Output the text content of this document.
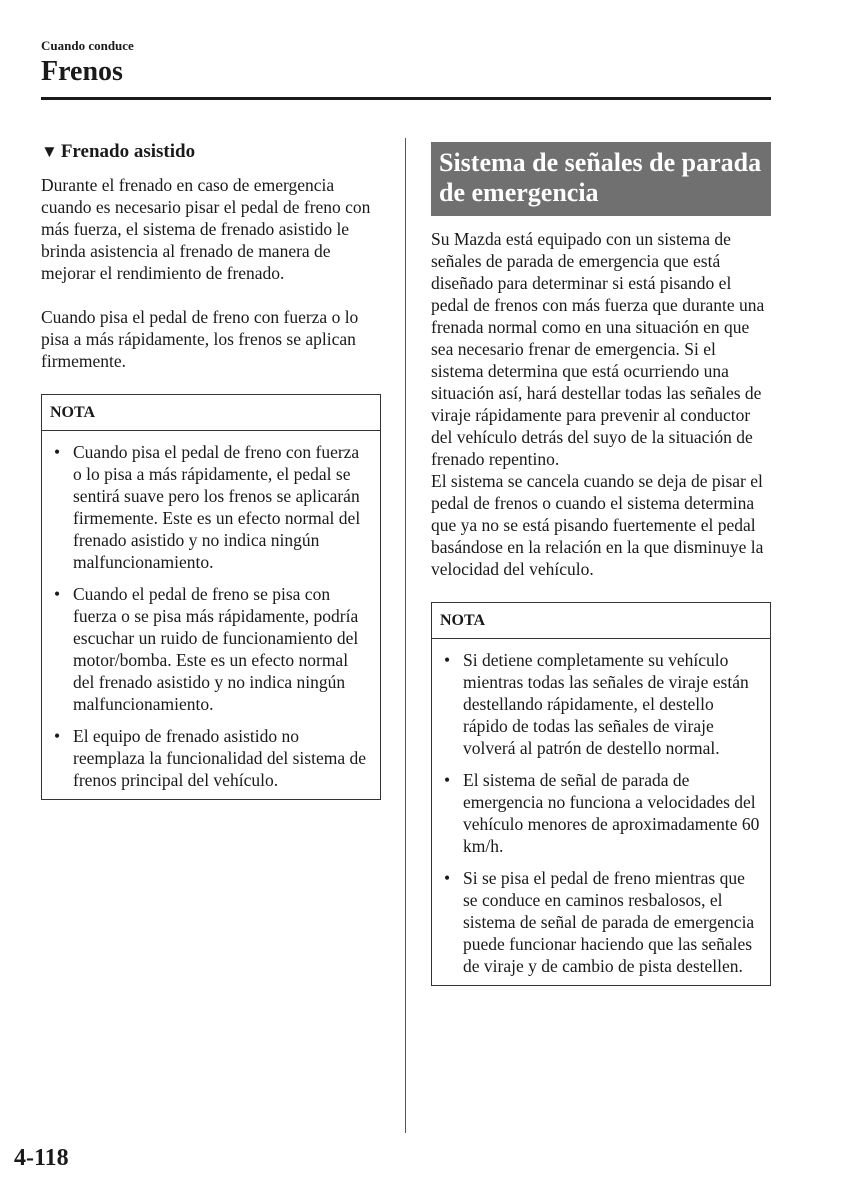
Cuando conduce
Frenos
▼ Frenado asistido

Durante el frenado en caso de emergencia cuando es necesario pisar el pedal de freno con más fuerza, el sistema de frenado asistido le brinda asistencia al frenado de manera de mejorar el rendimiento de frenado.

Cuando pisa el pedal de freno con fuerza o lo pisa a más rápidamente, los frenos se aplican firmemente.

NOTA
• Cuando pisa el pedal de freno con fuerza o lo pisa a más rápidamente, el pedal se sentirá suave pero los frenos se aplicarán firmemente. Este es un efecto normal del frenado asistido y no indica ningún malfuncionamiento.
• Cuando el pedal de freno se pisa con fuerza o se pisa más rápidamente, podría escuchar un ruido de funcionamiento del motor/bomba. Este es un efecto normal del frenado asistido y no indica ningún malfuncionamiento.
• El equipo de frenado asistido no reemplaza la funcionalidad del sistema de frenos principal del vehículo.
Sistema de señales de parada de emergencia

Su Mazda está equipado con un sistema de señales de parada de emergencia que está diseñado para determinar si está pisando el pedal de frenos con más fuerza que durante una frenada normal como en una situación en que sea necesario frenar de emergencia. Si el sistema determina que está ocurriendo una situación así, hará destellar todas las señales de viraje rápidamente para prevenir al conductor del vehículo detrás del suyo de la situación de frenado repentino.

El sistema se cancela cuando se deja de pisar el pedal de frenos o cuando el sistema determina que ya no se está pisando fuertemente el pedal basándose en la relación en la que disminuye la velocidad del vehículo.

NOTA
• Si detiene completamente su vehículo mientras todas las señales de viraje están destellando rápidamente, el destello rápido de todas las señales de viraje volverá al patrón de destello normal.
• El sistema de señal de parada de emergencia no funciona a velocidades del vehículo menores de aproximadamente 60 km/h.
• Si se pisa el pedal de freno mientras que se conduce en caminos resbalosos, el sistema de señal de parada de emergencia puede funcionar haciendo que las señales de viraje y de cambio de pista destellen.
4-118
